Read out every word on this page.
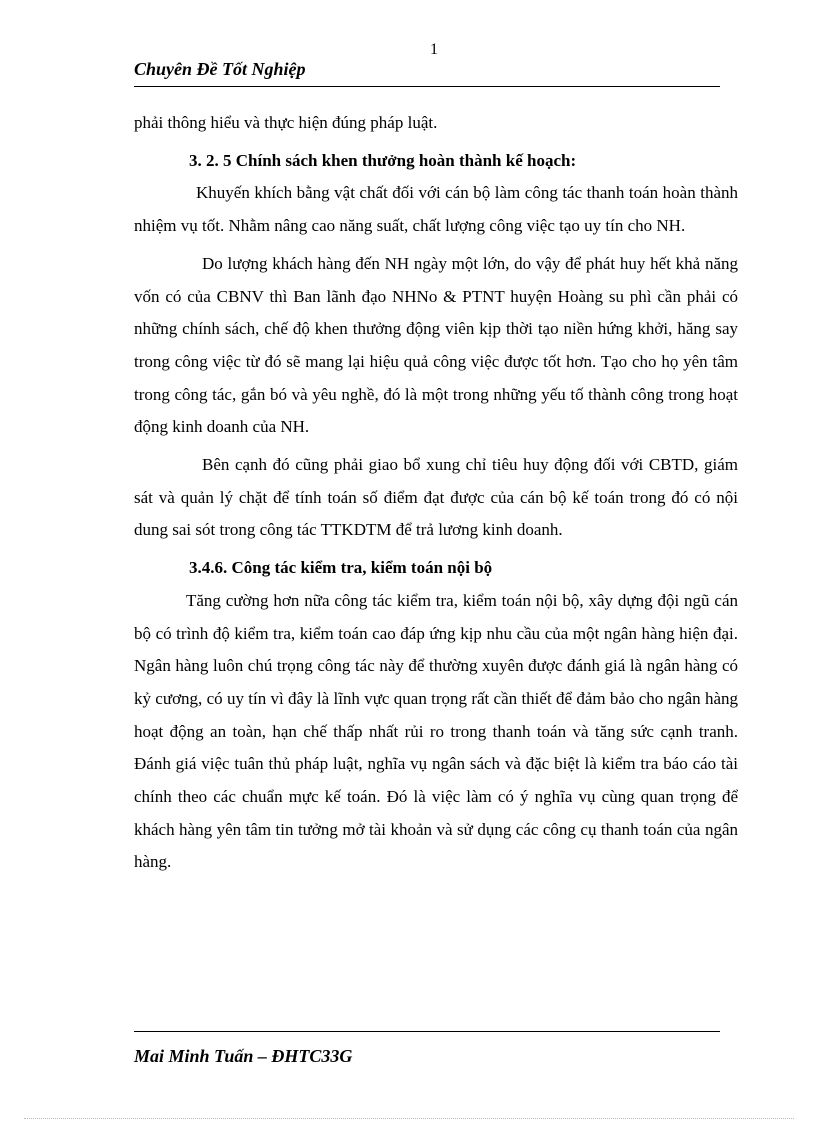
1
Chuyên Đề Tốt Nghiệp

phải thông hiểu và thực hiện đúng pháp luật.

3. 2. 5 Chính sách khen thưởng hoàn thành kế hoạch:

Khuyến khích bằng vật chất đối với cán bộ làm công tác thanh toán hoàn thành nhiệm vụ tốt. Nhằm nâng cao năng suất, chất lượng công việc tạo uy tín cho NH.

Do lượng khách hàng đến NH ngày một lớn, do vậy để phát huy hết khả năng vốn có của CBNV thì Ban lãnh đạo NHNo & PTNT huyện Hoàng su phì cần phải có những chính sách, chế độ khen thưởng động viên kịp thời tạo niền hứng khởi, hăng say trong công việc từ đó sẽ mang lại hiệu quả công việc được tốt hơn. Tạo cho họ yên tâm trong công tác, gắn bó và yêu nghề, đó là một trong những yếu tố thành công trong hoạt động kinh doanh của NH.

Bên cạnh đó cũng phải giao bổ xung chỉ tiêu huy động đối với CBTD, giám sát và quản lý chặt để tính toán số điểm đạt được của cán bộ kế toán trong đó có nội dung sai sót trong công tác TTKDTM để trả lương kinh doanh.

3.4.6. Công tác kiểm tra, kiểm toán nội bộ

Tăng cường hơn nữa công tác kiểm tra, kiểm toán nội bộ, xây dựng đội ngũ cán bộ có trình độ kiểm tra, kiểm toán cao đáp ứng kịp nhu cầu của một ngân hàng hiện đại. Ngân hàng luôn chú trọng công tác này để thường xuyên được đánh giá là ngân hàng có kỷ cương, có uy tín vì đây là lĩnh vực quan trọng rất cần thiết để đảm bảo cho ngân hàng hoạt động an toàn, hạn chế thấp nhất rủi ro trong thanh toán và tăng sức cạnh tranh. Đánh giá việc tuân thủ pháp luật, nghĩa vụ ngân sách và đặc biệt là kiểm tra báo cáo tài chính theo các chuẩn mực kế toán. Đó là việc làm có ý nghĩa vụ cùng quan trọng để khách hàng yên tâm tin tưởng mở tài khoản và sử dụng các công cụ thanh toán của ngân hàng.

Mai Minh Tuấn – ĐHTC33G
